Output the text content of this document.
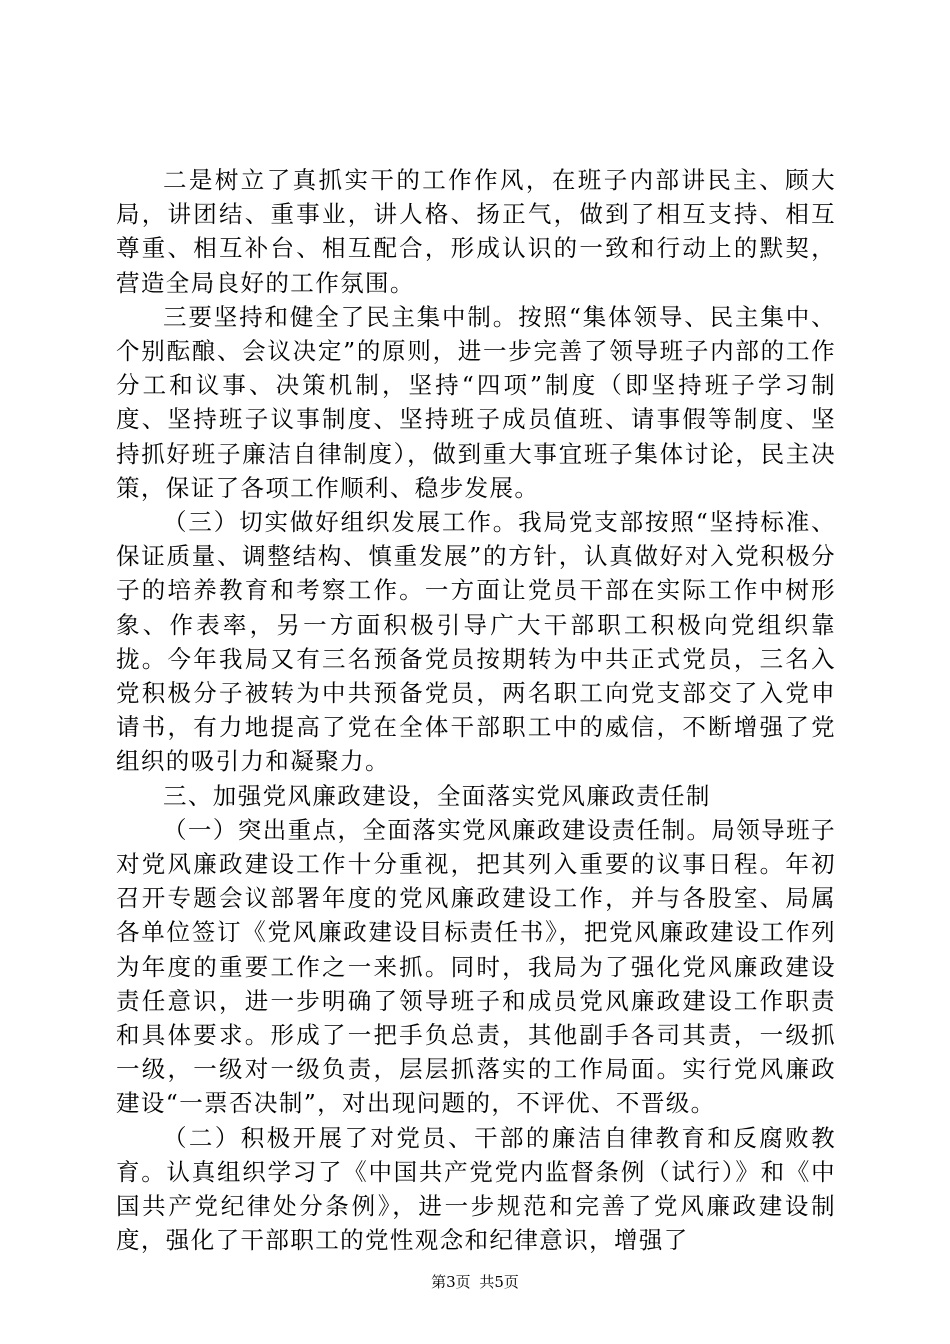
二是树立了真抓实干的工作作风，在班子内部讲民主、顾大局，讲团结、重事业，讲人格、扬正气，做到了相互支持、相互尊重、相互补台、相互配合，形成认识的一致和行动上的默契，营造全局良好的工作氛围。

三要坚持和健全了民主集中制。按照“集体领导、民主集中、个别酝酿、会议决定”的原则，进一步完善了领导班子内部的工作分工和议事、决策机制，坚持“四项”制度（即坚持班子学习制度、坚持班子议事制度、坚持班子成员值班、请事假等制度、坚持抓好班子廉洁自律制度），做到重大事宜班子集体讨论，民主决策，保证了各项工作顺利、稳步发展。

（三）切实做好组织发展工作。我局党支部按照“坚持标准、保证质量、调整结构、慎重发展”的方针，认真做好对入党积极分子的培养教育和考察工作。一方面让党员干部在实际工作中树形象、作表率，另一方面积极引导广大干部职工积极向党组织靠拢。今年我局又有三名预备党员按期转为中共正式党员，三名入党积极分子被转为中共预备党员，两名职工向党支部交了入党申请书，有力地提高了党在全体干部职工中的威信，不断增强了党组织的吸引力和凝聚力。

三、加强党风廉政建设，全面落实党风廉政责任制

（一）突出重点，全面落实党风廉政建设责任制。局领导班子对党风廉政建设工作十分重视，把其列入重要的议事日程。年初召开专题会议部署年度的党风廉政建设工作，并与各股室、局属各单位签订《党风廉政建设目标责任书》，把党风廉政建设工作列为年度的重要工作之一来抓。同时，我局为了强化党风廉政建设责任意识，进一步明确了领导班子和成员党风廉政建设工作职责和具体要求。形成了一把手负总责，其他副手各司其责，一级抓一级，一级对一级负责，层层抓落实的工作局面。实行党风廉政建设“一票否决制”，对出现问题的，不评优、不晋级。

（二）积极开展了对党员、干部的廉洁自律教育和反腐败教育。认真组织学习了《中国共产党党内监督条例（试行）》和《中国共产党纪律处分条例》，进一步规范和完善了党风廉政建设制度，强化了干部职工的党性观念和纪律意识，增强了

第3页 共5页
